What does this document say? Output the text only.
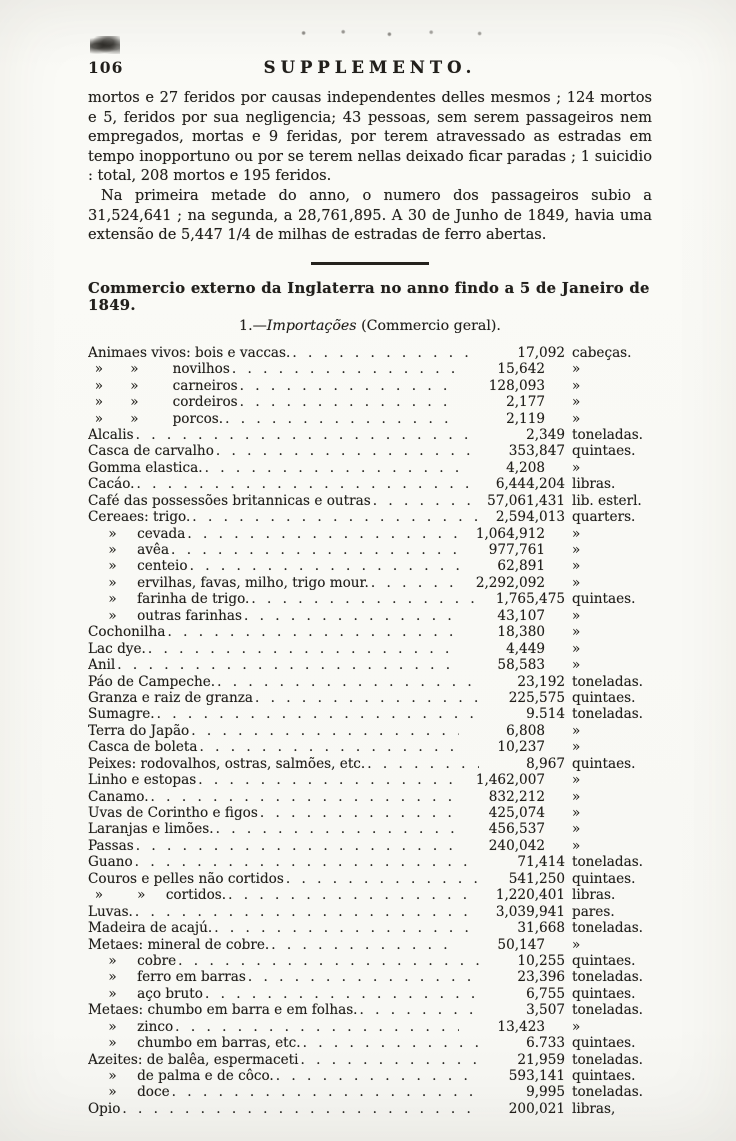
106	SUPPLEMENTO.

mortos e 27 feridos por causas independentes delles mesmos ; 124 mortos e 5, feridos por sua negligencia; 43 pessoas, sem serem passageiros nem empregados, mortas e 9 feridas, por terem atravessado as estradas em tempo inopportuno ou por se terem nellas deixado ficar paradas ; 1 suicidio : total, 208 mortos e 195 feridos.

Na primeira metade do anno, o numero dos passageiros subio a 31,524,641 ; na segunda, a 28,761,895. A 30 de Junho de 1849, havia uma extensão de 5,447 1/4 de milhas de estradas de ferro abertas.

Commercio externo da Inglaterra no anno findo a 5 de Janeiro de 1849.
1.—Importações (Commercio geral).
Animaes vivos: bois e vaccas. . .	17,092 cabeças.
 »  »    novilhos . .	15,642	»
 »  »    carneiros . .	128,093	»
 »  »    cordeiros . .	2,177	»
 »  »    porcos. . .	2,119	»
Alcalis . .	2,349 toneladas.
Casca de carvalho . .	353,847 quintaes.
Gomma elastica. . .	4,208	»
Cacáo. . .	6,444,204 libras.
Café das possessões britannicas e outras . .	57,061,431 lib. esterl.
Cereaes: trigo. . .	2,594,013 quarters.
  »   cevada . .	1,064,912	»
  »   avêa . .	977,761	»
  »   centeio . .	62,891	»
  »   ervilhas, favas, milho, trigo mour. . .	2,292,092	»
  »   farinha de trigo. . .	1,765,475 quintaes.
  »   outras farinhas . .	43,107	»
Cochonilha . .	18,380	»
Lac dye. . .	4,449	»
Anil . .	58,583	»
Páo de Campeche. . .	23,192 toneladas.
Granza e raiz de granza . .	225,575 quintaes.
Sumagre. . .	9.514 toneladas.
Terra do Japão . .	6,808	»
Casca de boleta . .	10,237	»
Peixes: rodovalhos, ostras, salmões, etc. . .	8,967 quintaes.
Linho e estopas . .	1,462,007	»
Canamo. . .	832,212	»
Uvas de Corintho e figos . .	425,074	»
Laranjas e limões. . .	456,537	»
Passas . .	240,042	»
Guano . .	71,414 toneladas.
Couros e pelles não cortidos . .	541,250 quintaes.
 »   »   cortidos. . .	1,220,401 libras.
Luvas. . .	3,039,941 pares.
Madeira de acajú. . .	31,668 toneladas.
Metaes: mineral de cobre. . .	50,147	»
  »   cobre . .	10,255 quintaes.
  »   ferro em barras . .	23,396 toneladas.
  »   aço bruto . .	6,755 quintaes.
Metaes: chumbo em barra e em folhas. . .	3,507 toneladas.
  »   zinco . .	13,423	»
  »   chumbo em barras, etc. . .	6.733 quintaes.
Azeites: de balêa, espermaceti . .	21,959 toneladas.
  »   de palma e de côco. . .	593,141 quintaes.
  »   doce . .	9,995 toneladas.
Opio . .	200,021 libras,
